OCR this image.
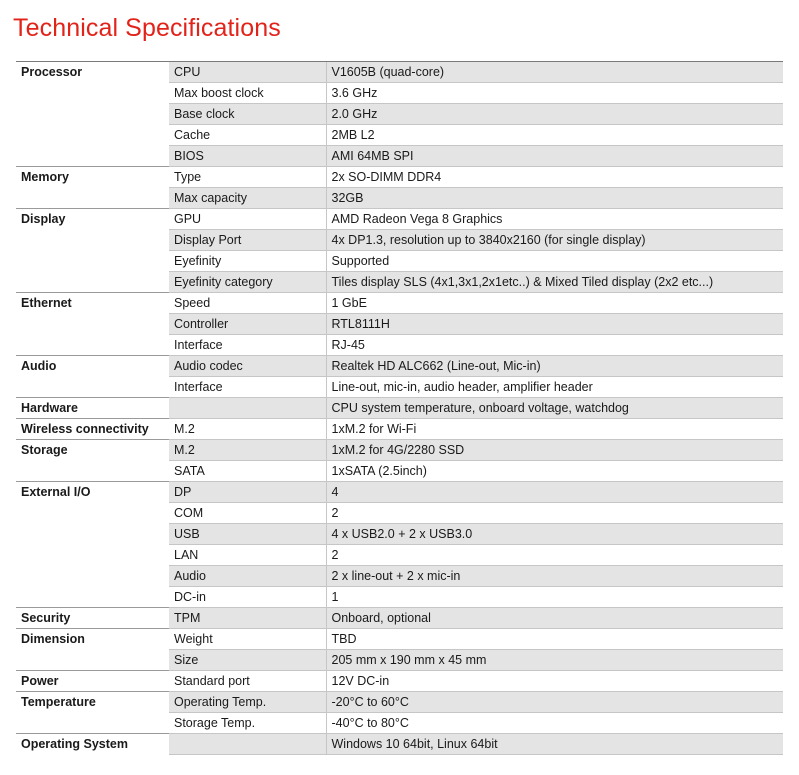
Technical Specifications
Processor	CPU	V1605B (quad-core)
	Max boost clock	3.6 GHz
	Base clock	2.0 GHz
	Cache	2MB L2
	BIOS	AMI 64MB SPI
Memory	Type	2x SO-DIMM DDR4
	Max capacity	32GB
Display	GPU	AMD Radeon Vega 8 Graphics
	Display Port	4x DP1.3, resolution up to 3840x2160 (for single display)
	Eyefinity	Supported
	Eyefinity category	Tiles display SLS (4x1,3x1,2x1etc..) & Mixed Tiled display (2x2 etc...)
Ethernet	Speed	1 GbE
	Controller	RTL8111H
	Interface	RJ-45
Audio	Audio codec	Realtek HD ALC662 (Line-out, Mic-in)
	Interface	Line-out, mic-in, audio header, amplifier header
Hardware		CPU system temperature, onboard voltage, watchdog
Wireless connectivity	M.2	1xM.2 for Wi-Fi
Storage	M.2	1xM.2 for 4G/2280 SSD
	SATA	1xSATA (2.5inch)
External I/O	DP	4
	COM	2
	USB	4 x USB2.0 + 2 x USB3.0
	LAN	2
	Audio	2 x line-out + 2 x mic-in
	DC-in	1
Security	TPM	Onboard, optional
Dimension	Weight	TBD
	Size	205 mm x 190 mm x 45 mm
Power	Standard port	12V DC-in
Temperature	Operating Temp.	-20°C to 60°C
	Storage Temp.	-40°C to 80°C
Operating System		Windows 10 64bit, Linux 64bit
